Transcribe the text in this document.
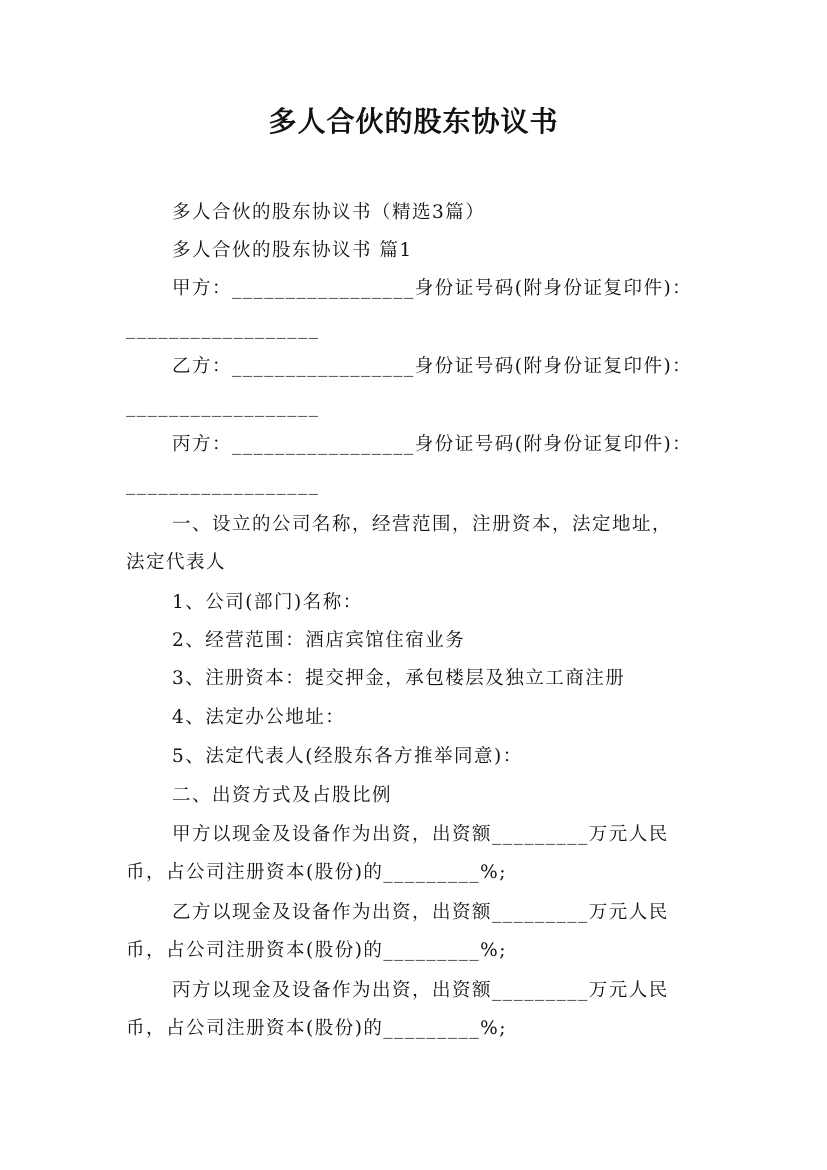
多人合伙的股东协议书
多人合伙的股东协议书（精选3篇）
多人合伙的股东协议书 篇1
甲方：_________________身份证号码(附身份证复印件)：
__________________
乙方：_________________身份证号码(附身份证复印件)：
__________________
丙方：_________________身份证号码(附身份证复印件)：
__________________
一、设立的公司名称，经营范围，注册资本，法定地址，
法定代表人
1、公司(部门)名称：
2、经营范围：酒店宾馆住宿业务
3、注册资本：提交押金，承包楼层及独立工商注册
4、法定办公地址：
5、法定代表人(经股东各方推举同意)：
二、出资方式及占股比例
甲方以现金及设备作为出资，出资额_________万元人民
币，占公司注册资本(股份)的_________%;
乙方以现金及设备作为出资，出资额_________万元人民
币，占公司注册资本(股份)的_________%;
丙方以现金及设备作为出资，出资额_________万元人民
币，占公司注册资本(股份)的_________%;
